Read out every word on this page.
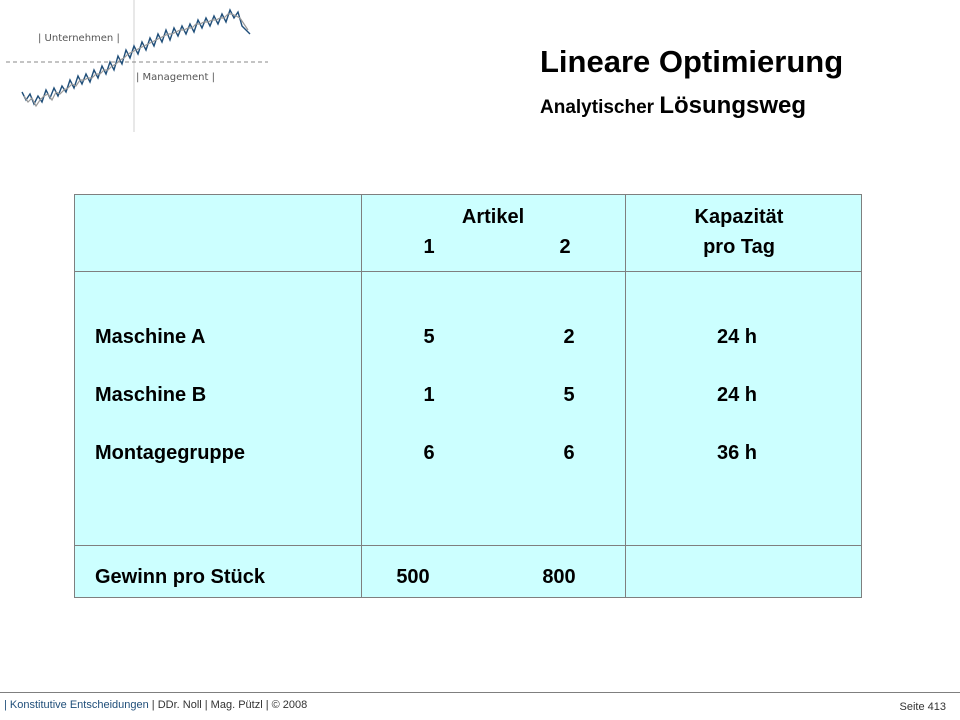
| Unternehmen |
| Management |	Lineare Optimierung
Analytischer Lösungsweg
Artikel
1	2
Kapazität
pro Tag
Maschine A	5	2	24 h
Maschine B	1	5	24 h
Montagegruppe	6	6	36 h
Gewinn pro Stück	500	800
| Konstitutive Entscheidungen | DDr. Noll | Mag. Pützl | © 2008	Seite 413
